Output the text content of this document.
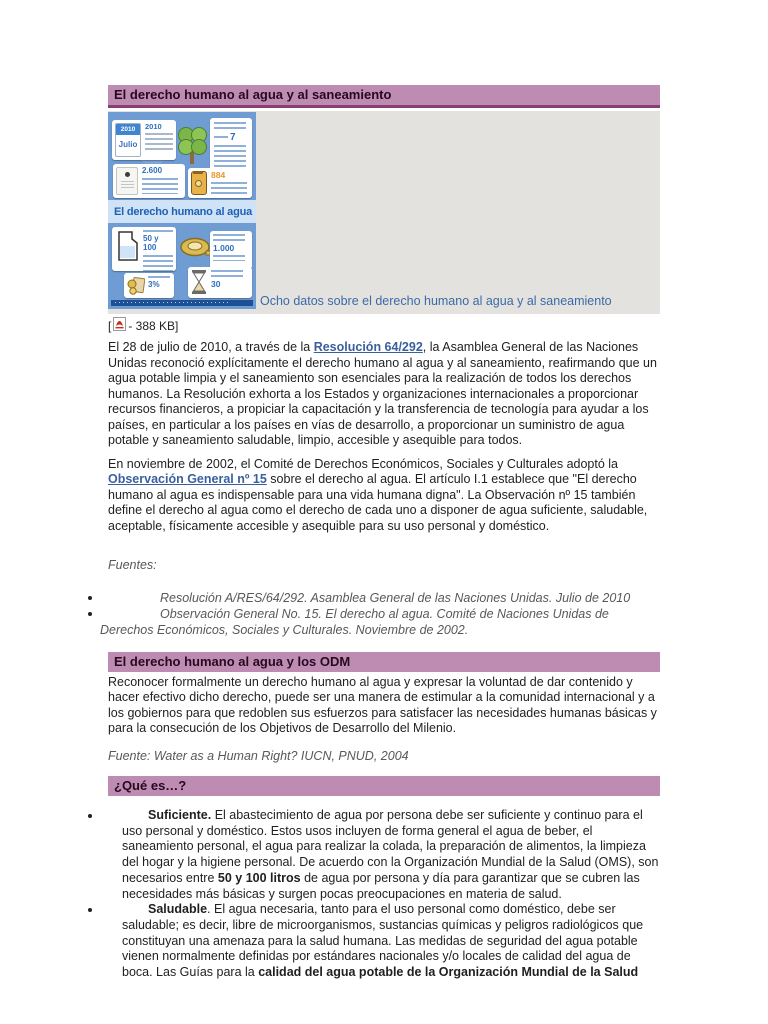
El derecho humano al agua y al saneamiento
2010
Julio
2010
7
2.600	884
El derecho humano al agua
50 y 100	1.000
3%	30
Ocho datos sobre el derecho humano al agua y al saneamiento
[ - 388 KB]

El 28 de julio de 2010, a través de la Resolución 64/292, la Asamblea General de las Naciones Unidas reconoció explícitamente el derecho humano al agua y al saneamiento, reafirmando que un agua potable limpia y el saneamiento son esenciales para la realización de todos los derechos humanos. La Resolución exhorta a los Estados y organizaciones internacionales a proporcionar recursos financieros, a propiciar la capacitación y la transferencia de tecnología para ayudar a los países, en particular a los países en vías de desarrollo, a proporcionar un suministro de agua potable y saneamiento saludable, limpio, accesible y asequible para todos.

En noviembre de 2002, el Comité de Derechos Económicos, Sociales y Culturales adoptó la Observación General nº 15 sobre el derecho al agua. El artículo I.1 establece que "El derecho humano al agua es indispensable para una vida humana digna". La Observación nº 15 también define el derecho al agua como el derecho de cada uno a disponer de agua suficiente, saludable, aceptable, físicamente accesible y asequible para su uso personal y doméstico.

Fuentes:

Resolución A/RES/64/292. Asamblea General de las Naciones Unidas. Julio de 2010
Observación General No. 15. El derecho al agua. Comité de Naciones Unidas de Derechos Económicos, Sociales y Culturales. Noviembre de 2002.
El derecho humano al agua y los ODM

Reconocer formalmente un derecho humano al agua y expresar la voluntad de dar contenido y hacer efectivo dicho derecho, puede ser una manera de estimular a la comunidad internacional y a los gobiernos para que redoblen sus esfuerzos para satisfacer las necesidades humanas básicas y para la consecución de los Objetivos de Desarrollo del Milenio.

Fuente: Water as a Human Right? IUCN, PNUD, 2004

¿Qué es…?
Suficiente. El abastecimiento de agua por persona debe ser suficiente y continuo para el uso personal y doméstico. Estos usos incluyen de forma general el agua de beber, el saneamiento personal, el agua para realizar la colada, la preparación de alimentos, la limpieza del hogar y la higiene personal. De acuerdo con la Organización Mundial de la Salud (OMS), son necesarios entre 50 y 100 litros de agua por persona y día para garantizar que se cubren las necesidades más básicas y surgen pocas preocupaciones en materia de salud.
Saludable. El agua necesaria, tanto para el uso personal como doméstico, debe ser saludable; es decir, libre de microorganismos, sustancias químicas y peligros radiológicos que constituyan una amenaza para la salud humana. Las medidas de seguridad del agua potable vienen normalmente definidas por estándares nacionales y/o locales de calidad del agua de boca. Las Guías para la calidad del agua potable de la Organización Mundial de la Salud
